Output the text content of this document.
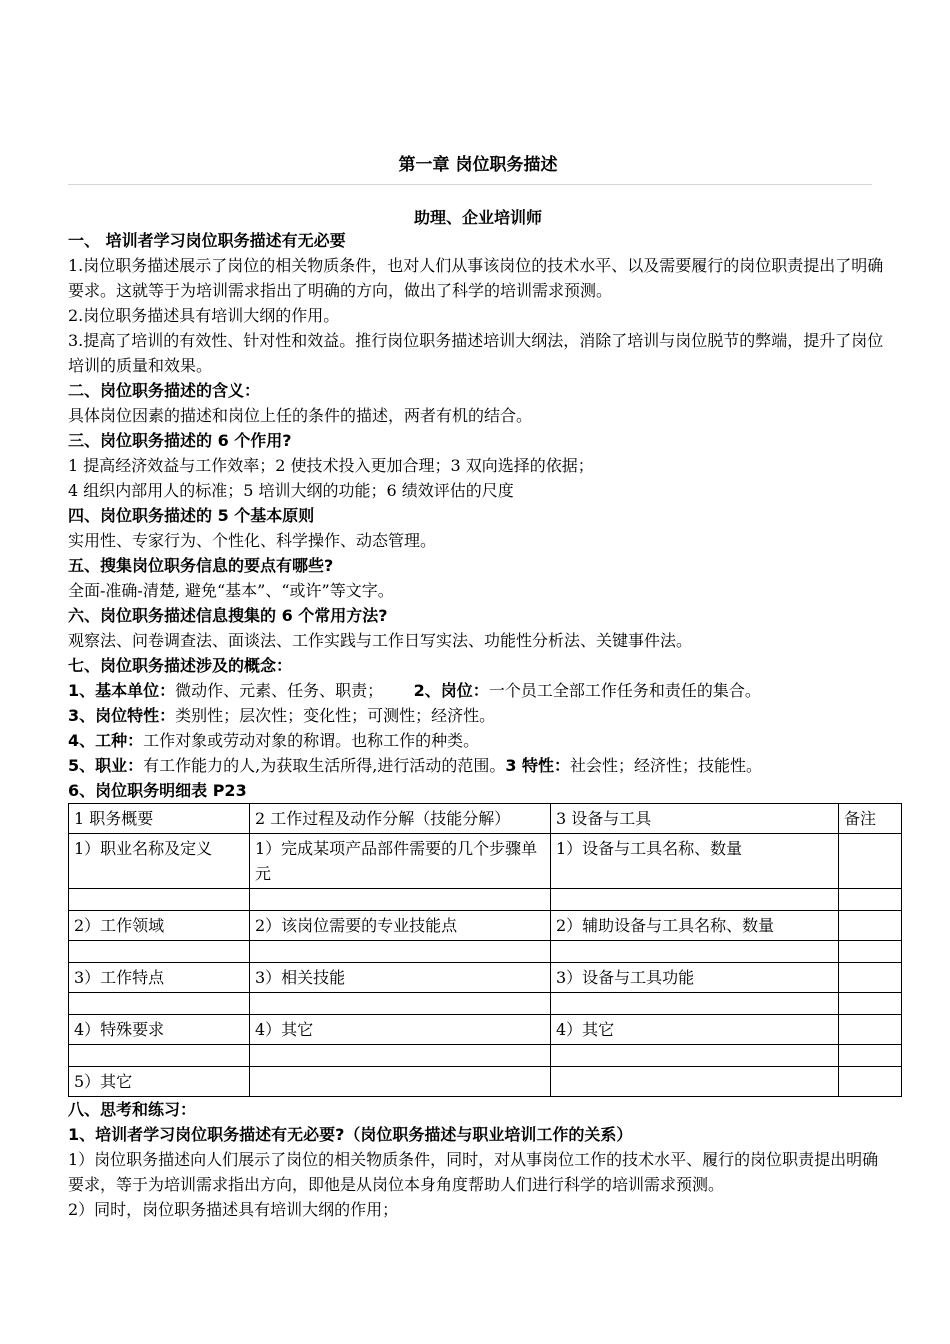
第一章 岗位职务描述
助理、企业培训师
一、 培训者学习岗位职务描述有无必要
1.岗位职务描述展示了岗位的相关物质条件，也对人们从事该岗位的技术水平、以及需要履行的岗位职责提出了明确要求。这就等于为培训需求指出了明确的方向，做出了科学的培训需求预测。
2.岗位职务描述具有培训大纲的作用。
3.提高了培训的有效性、针对性和效益。推行岗位职务描述培训大纲法，消除了培训与岗位脱节的弊端，提升了岗位培训的质量和效果。
二、岗位职务描述的含义：
具体岗位因素的描述和岗位上任的条件的描述，两者有机的结合。
三、岗位职务描述的 6 个作用?
1 提高经济效益与工作效率；2 使技术投入更加合理；3 双向选择的依据；
4 组织内部用人的标准；5 培训大纲的功能；6 绩效评估的尺度
四、岗位职务描述的 5 个基本原则
实用性、专家行为、个性化、科学操作、动态管理。
五、搜集岗位职务信息的要点有哪些?
全面-准确-清楚, 避免“基本”、“或许”等文字。
六、岗位职务描述信息搜集的 6 个常用方法?
观察法、问卷调查法、面谈法、工作实践与工作日写实法、功能性分析法、关键事件法。
七、岗位职务描述涉及的概念：
1、基本单位：微动作、元素、任务、职责； 2、岗位：一个员工全部工作任务和责任的集合。
3、岗位特性：类别性；层次性；变化性；可测性；经济性。
4、工种：工作对象或劳动对象的称谓。也称工作的种类。
5、职业：有工作能力的人,为获取生活所得,进行活动的范围。3 特性：社会性；经济性；技能性。
6、岗位职务明细表 P23
1 职务概要	2 工作过程及动作分解（技能分解）	3 设备与工具	备注
1）职业名称及定义	1）完成某项产品部件需要的几个步骤单元	1）设备与工具名称、数量	

2）工作领域	2）该岗位需要的专业技能点	2）辅助设备与工具名称、数量	

3）工作特点	3）相关技能	3）设备与工具功能	

4）特殊要求	4）其它	4）其它	

5）其它			
八、思考和练习：
1、培训者学习岗位职务描述有无必要?（岗位职务描述与职业培训工作的关系）
1）岗位职务描述向人们展示了岗位的相关物质条件，同时，对从事岗位工作的技术水平、履行的岗位职责提出明确要求，等于为培训需求指出方向，即他是从岗位本身角度帮助人们进行科学的培训需求预测。
2）同时，岗位职务描述具有培训大纲的作用；
